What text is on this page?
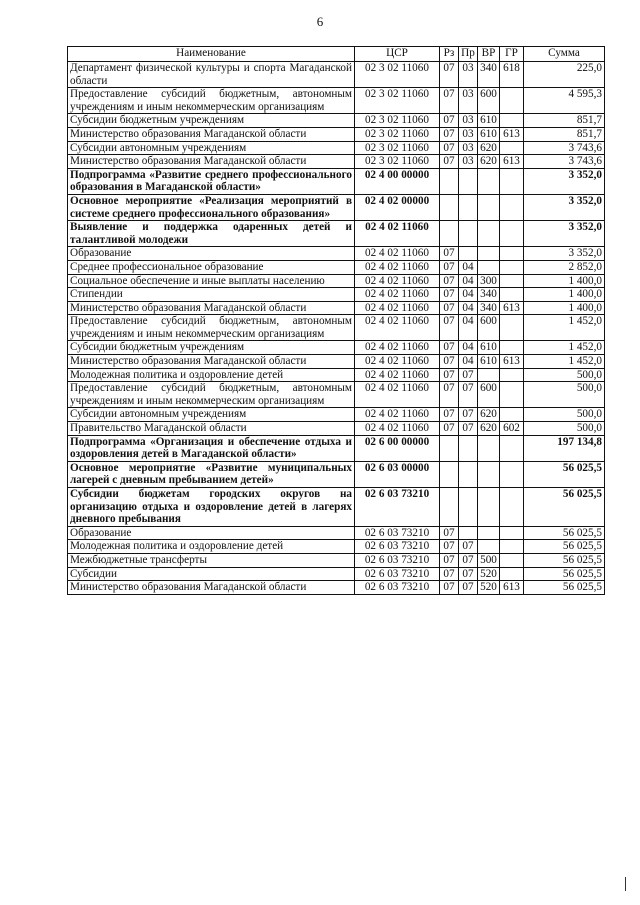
6
Наименование	ЦСР	Рз	Пр	ВР	ГР	Сумма
Департамент физической культуры и спорта Магаданской области	02 3 02 11060	07	03	340	618	225,0
Предоставление субсидий бюджетным, автономным учреждениям и иным некоммерческим организациям	02 3 02 11060	07	03	600		4 595,3
Субсидии бюджетным учреждениям	02 3 02 11060	07	03	610		851,7
Министерство образования Магаданской области	02 3 02 11060	07	03	610	613	851,7
Субсидии автономным учреждениям	02 3 02 11060	07	03	620		3 743,6
Министерство образования Магаданской области	02 3 02 11060	07	03	620	613	3 743,6
Подпрограмма «Развитие среднего профессионального образования в Магаданской области»	02 4 00 00000					3 352,0
Основное мероприятие «Реализация мероприятий в системе среднего профессионального образования»	02 4 02 00000					3 352,0
Выявление и поддержка одаренных детей и талантливой молодежи	02 4 02 11060					3 352,0
Образование	02 4 02 11060	07				3 352,0
Среднее профессиональное образование	02 4 02 11060	07	04			2 852,0
Социальное обеспечение и иные выплаты населению	02 4 02 11060	07	04	300		1 400,0
Стипендии	02 4 02 11060	07	04	340		1 400,0
Министерство образования Магаданской области	02 4 02 11060	07	04	340	613	1 400,0
Предоставление субсидий бюджетным, автономным учреждениям и иным некоммерческим организациям	02 4 02 11060	07	04	600		1 452,0
Субсидии бюджетным учреждениям	02 4 02 11060	07	04	610		1 452,0
Министерство образования Магаданской области	02 4 02 11060	07	04	610	613	1 452,0
Молодежная политика и оздоровление детей	02 4 02 11060	07	07			500,0
Предоставление субсидий бюджетным, автономным учреждениям и иным некоммерческим организациям	02 4 02 11060	07	07	600		500,0
Субсидии автономным учреждениям	02 4 02 11060	07	07	620		500,0
Правительство Магаданской области	02 4 02 11060	07	07	620	602	500,0
Подпрограмма «Организация и обеспечение отдыха и оздоровления детей в Магаданской области»	02 6 00 00000					197 134,8
Основное мероприятие «Развитие муниципальных лагерей с дневным пребыванием детей»	02 6 03 00000					56 025,5
Субсидии бюджетам городских округов на организацию отдыха и оздоровление детей в лагерях дневного пребывания	02 6 03 73210					56 025,5
Образование	02 6 03 73210	07				56 025,5
Молодежная политика и оздоровление детей	02 6 03 73210	07	07			56 025,5
Межбюджетные трансферты	02 6 03 73210	07	07	500		56 025,5
Субсидии	02 6 03 73210	07	07	520		56 025,5
Министерство образования Магаданской области	02 6 03 73210	07	07	520	613	56 025,5
